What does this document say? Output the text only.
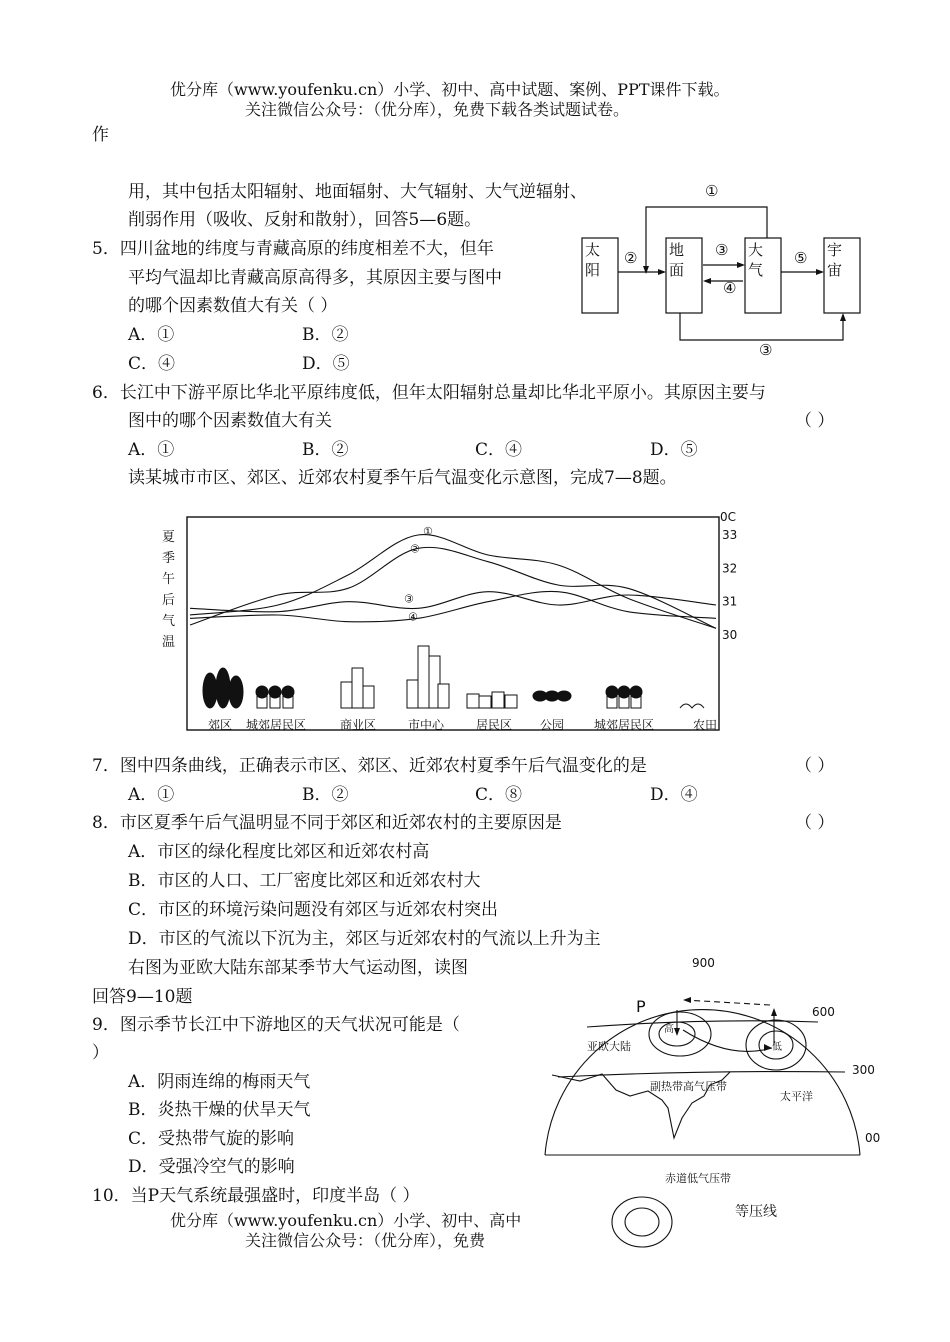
优分库（www.youfenku.cn）小学、初中、高中试题、案例、PPT课件下载。
关注微信公众号：（优分库），免费下载各类试题试卷。
作
用，其中包括太阳辐射、地面辐射、大气辐射、大气逆辐射、
削弱作用（吸收、反射和散射），回答5—6题。
5．四川盆地的纬度与青藏高原的纬度相差不大，但年
平均气温却比青藏高原高得多，其原因主要与图中
的哪个因素数值大有关（ ）
A．①	B．②
C．④	D．⑤
太
阳
地
面
大
气
宇
宙
①
②	③
④
⑤
③
6．长江中下游平原比华北平原纬度低，但年太阳辐射总量却比华北平原小。其原因主要与
图中的哪个因素数值大有关	（ ）
A．①	B．②	C．④	D．⑤
读某城市市区、郊区、近郊农村夏季午后气温变化示意图，完成7—8题。
夏季午后气温
0C
33
32
31
30
①
②
③
④
郊区 城郊居民区	商业区	市中心	居民区 公园 城郊居民区	农田
7．图中四条曲线，正确表示市区、郊区、近郊农村夏季午后气温变化的是	（ ）
A．①	B．②	C．⑧	D．④
8．市区夏季午后气温明显不同于郊区和近郊农村的主要原因是	（ ）
A．市区的绿化程度比郊区和近郊农村高
B．市区的人口、工厂密度比郊区和近郊农村大
C．市区的环境污染问题没有郊区与近郊农村突出
D．市区的气流以下沉为主，郊区与近郊农村的气流以上升为主
右图为亚欧大陆东部某季节大气运动图，读图
回答9—10题
9．图示季节长江中下游地区的天气状况可能是（
）
A．阴雨连绵的梅雨天气
B．炎热干燥的伏旱天气
C．受热带气旋的影响
D．受强冷空气的影响
10．当P天气系统最强盛时，印度半岛（ ）
优分库（www.youfenku.cn）小学、初中、高中
关注微信公众号：（优分库），免费
900
600
300
00
P
高
低
亚欧大陆
副热带高气压带
太平洋
赤道低气压带
等压线
